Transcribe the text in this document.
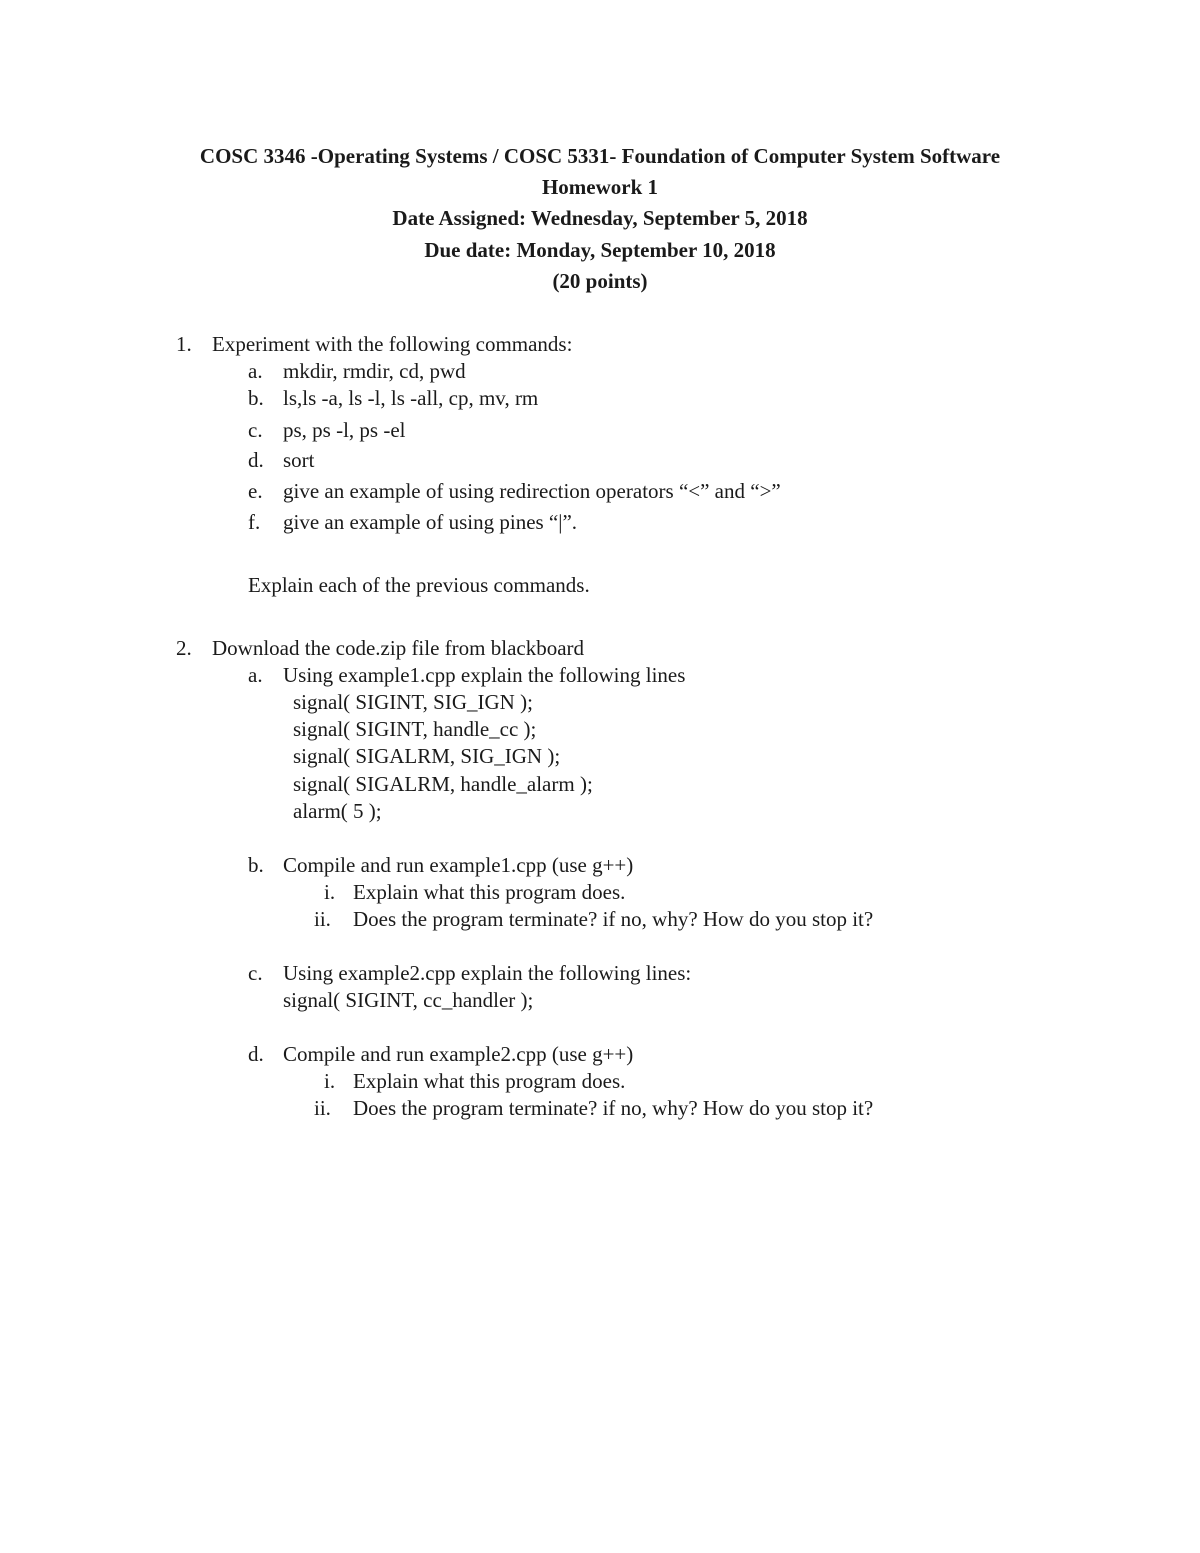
COSC 3346 -Operating Systems / COSC 5331- Foundation of Computer System Software
Homework 1
Date Assigned: Wednesday, September 5, 2018
Due date: Monday, September 10, 2018
(20 points)
1. Experiment with the following commands:
a. mkdir, rmdir, cd, pwd
b. ls,ls -a, ls -l, ls -all, cp, mv, rm
c. ps, ps -l, ps -el
d. sort
e. give an example of using redirection operators “<” and “>”
f. give an example of using pines “|”.
Explain each of the previous commands.
2. Download the code.zip file from blackboard
a. Using example1.cpp explain the following lines
signal( SIGINT, SIG_IGN );
signal( SIGINT, handle_cc );
signal( SIGALRM, SIG_IGN );
signal( SIGALRM, handle_alarm );
alarm( 5 );
b. Compile and run example1.cpp (use g++)
i. Explain what this program does.
ii. Does the program terminate? if no, why? How do you stop it?
c. Using example2.cpp explain the following lines:
signal( SIGINT, cc_handler );
d. Compile and run example2.cpp (use g++)
i. Explain what this program does.
ii. Does the program terminate? if no, why? How do you stop it?
